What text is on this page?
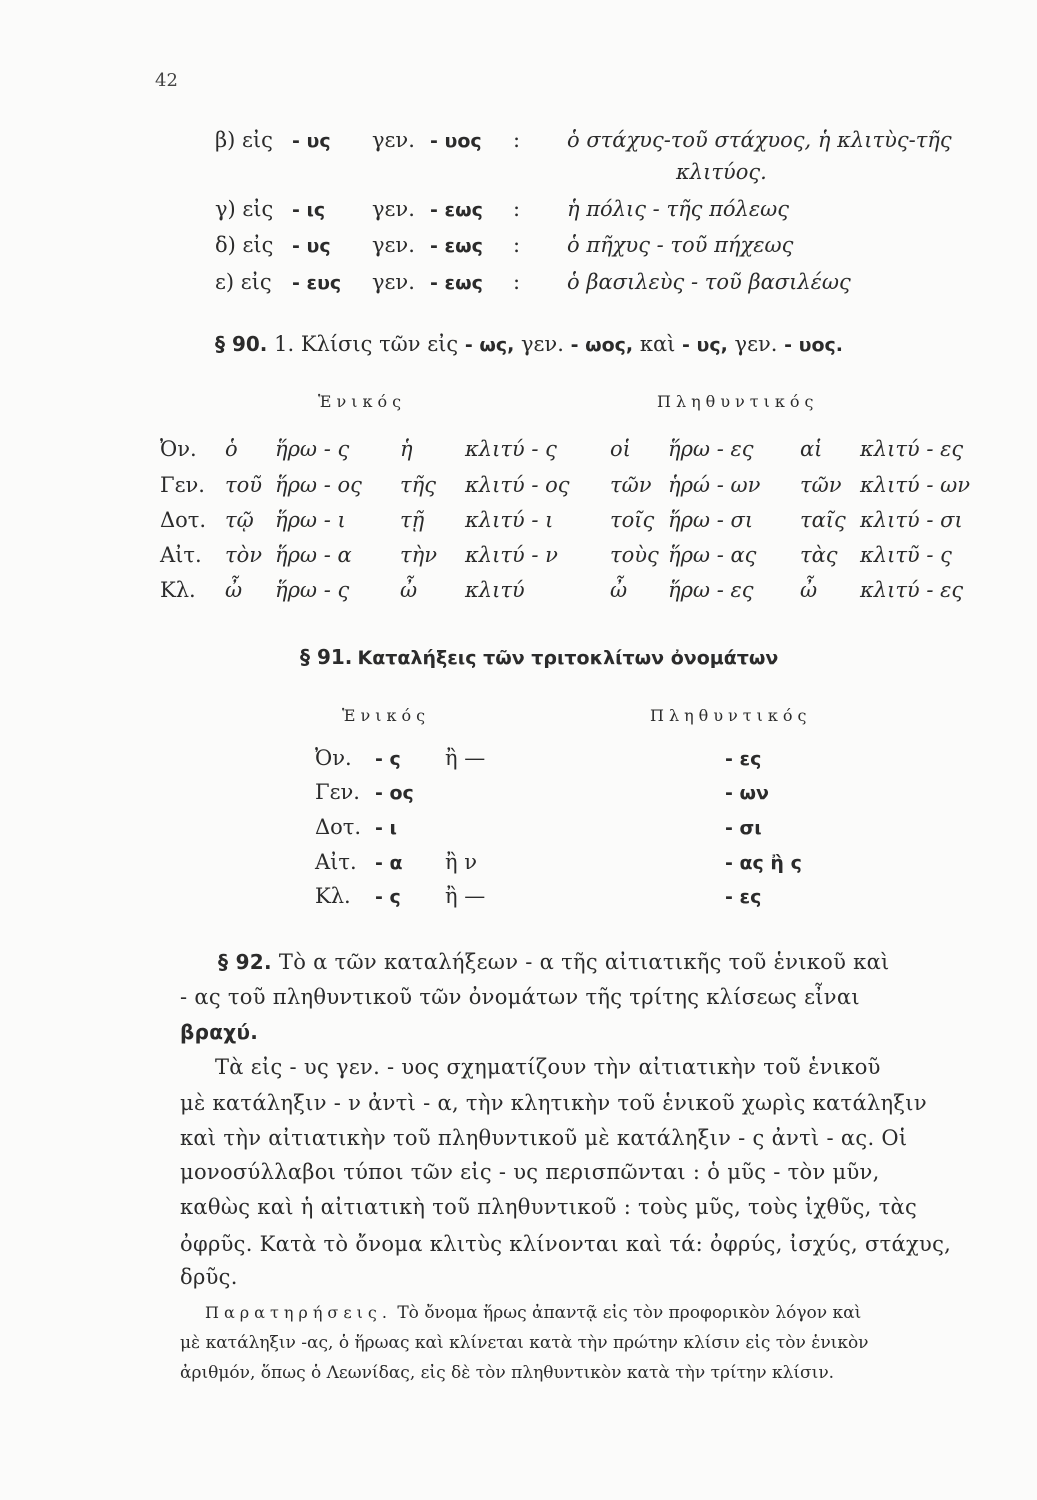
42
β) εἰς - υς γεν. - υος : ὁ στάχυς-τοῦ στάχυος, ἡ κλιτὺς-τῆς
κλιτύος.
γ) εἰς - ις γεν. - εως : ἡ πόλις - τῆς πόλεως
δ) εἰς - υς γεν. - εως : ὁ πῆχυς - τοῦ πήχεως
ε) εἰς - ευς γεν. - εως : ὁ βασιλεὺς - τοῦ βασιλέως
§ 90. 1. Κλίσις τῶν εἰς - ως, γεν. - ωος, καὶ - υς, γεν. - υος.
Ἑνικός	Πληθυντικός
Ὀν. ὁ ἥρω - ς ἡ κλιτύ - ς	οἱ ἥρω - ες αἱ κλιτύ - ες
Γεν. τοῦ ἥρω - ος τῆς κλιτύ - ος τῶν ἡρώ - ων τῶν κλιτύ - ων
Δοτ. τῷ ἥρω - ι	τῇ κλιτύ - ι	τοῖς ἥρω - σι ταῖς κλιτύ - σι
Αἰτ. τὸν ἥρω - α τὴν κλιτύ - ν τοὺς ἥρω - ας τὰς κλιτῦ - ς
Κλ. ὦ ἥρω - ς ὦ κλιτύ	ὦ ἥρω - ες ὦ κλιτύ - ες
§ 91. Καταλήξεις τῶν τριτοκλίτων ὀνομάτων
Ἑνικός	Πληθυντικός
Ὀν. - ς ἢ —	- ες
Γεν. - ος	- ων
Δοτ. - ι	- σι
Αἰτ. - α ἢ ν	- ας ἢ ς
Κλ. - ς ἢ —	- ες
§ 92. Τὸ α τῶν καταλήξεων - α τῆς αἰτιατικῆς τοῦ ἑνικοῦ καὶ
- ας τοῦ πληθυντικοῦ τῶν ὀνομάτων τῆς τρίτης κλίσεως εἶναι
βραχύ.
Τὰ εἰς - υς γεν. - υος σχηματίζουν τὴν αἰτιατικὴν τοῦ ἑνικοῦ
μὲ κατάληξιν - ν ἀντὶ - α, τὴν κλητικὴν τοῦ ἑνικοῦ χωρὶς κατάληξιν
καὶ τὴν αἰτιατικὴν τοῦ πληθυντικοῦ μὲ κατάληξιν - ς ἀντὶ - ας. Οἱ
μονοσύλλαβοι τύποι τῶν εἰς - υς περισπῶνται : ὁ μῦς - τὸν μῦν,
καθὼς καὶ ἡ αἰτιατικὴ τοῦ πληθυντικοῦ : τοὺς μῦς, τοὺς ἰχθῦς, τὰς
ὀφρῦς. Κατὰ τὸ ὄνομα κλιτὺς κλίνονται καὶ τά: ὀφρύς, ἰσχύς, στάχυς,
δρῦς.
Παρατηρήσεις. Τὸ ὄνομα ἥρως ἀπαντᾷ εἰς τὸν προφορικὸν λόγον καὶ
μὲ κατάληξιν -ας, ὁ ἥρωας καὶ κλίνεται κατὰ τὴν πρώτην κλίσιν εἰς τὸν ἑνικὸν
ἀριθμόν, ὅπως ὁ Λεωνίδας, εἰς δὲ τὸν πληθυντικὸν κατὰ τὴν τρίτην κλίσιν.
